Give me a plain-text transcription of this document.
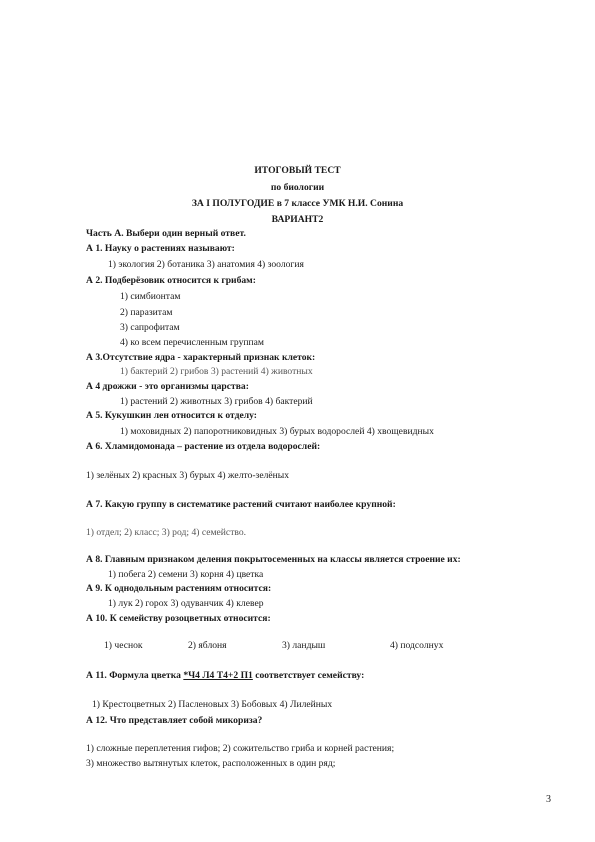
ИТОГОВЫЙ ТЕСТ
по биологии
ЗА I ПОЛУГОДИЕ в 7 классе УМК Н.И. Сонина
ВАРИАНТ2
Часть А. Выбери один верный ответ.
А 1. Науку о растениях называют:
1) экология 2) ботаника 3) анатомия 4) зоология
А 2. Подберёзовик относится к грибам:
1) симбионтам
2) паразитам
3) сапрофитам
4) ко всем перечисленным группам
А 3.Отсутствие ядра - характерный признак клеток:
1) бактерий 2) грибов 3) растений 4) животных
А 4 дрожжи - это организмы царства:
1) растений 2) животных 3) грибов 4) бактерий
А 5. Кукушкин лен относится к отделу:
1) моховидных 2) папоротниковидных 3) бурых водорослей 4) хвощевидных
А 6. Хламидомонада – растение из отдела водорослей:
1) зелёных 2) красных 3) бурых 4) желто-зелёных
А 7. Какую группу в систематике растений считают наиболее крупной:
1) отдел; 2) класс; 3) род; 4) семейство.
А 8. Главным признаком деления покрытосеменных на классы является строение их:
1) побега 2) семени 3) корня 4) цветка
А 9. К однодольным растениям относится:
1) лук 2) горох 3) одуванчик 4) клевер
А 10. К семейству розоцветных относится:
1) чеснок	2) яблоня	3) ландыш	4) подсолнух
А 11. Формула цветка *Ч4 Л4 Т4+2 П1 соответствует семейству:
1) Крестоцветных 2) Пасленовых 3) Бобовых 4) Лилейных
А 12. Что представляет собой микориза?
1) сложные переплетения гифов; 2) сожительство гриба и корней растения;
3) множество вытянутых клеток, расположенных в один ряд;
3
